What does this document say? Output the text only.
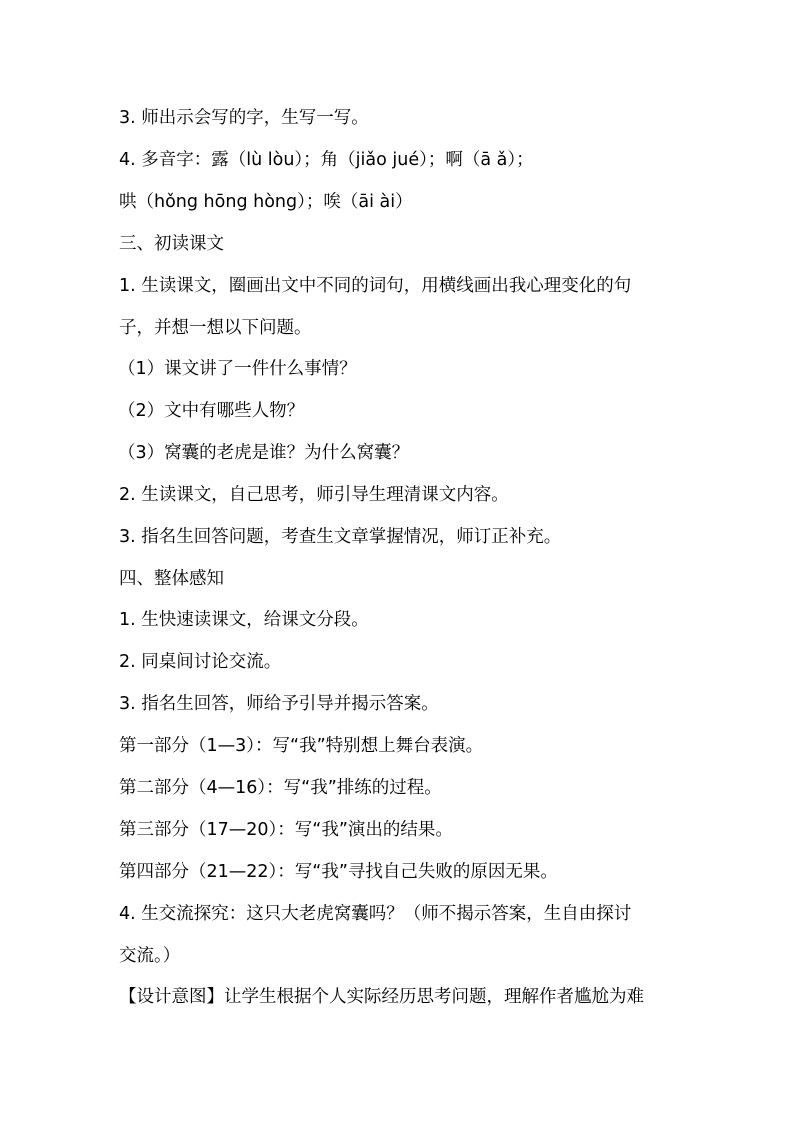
3. 师出示会写的字，生写一写。
4. 多音字：露（lù lòu）；角（jiǎo jué）；啊（ā ǎ）；
哄（hǒng hōng hòng）；唉（āi ài）
三、初读课文
1. 生读课文，圈画出文中不同的词句，用横线画出我心理变化的句
子，并想一想以下问题。
（1）课文讲了一件什么事情？
（2）文中有哪些人物？
（3）窝囊的老虎是谁？为什么窝囊？
2. 生读课文，自己思考，师引导生理清课文内容。
3. 指名生回答问题，考查生文章掌握情况，师订正补充。
四、整体感知
1. 生快速读课文，给课文分段。
2. 同桌间讨论交流。
3. 指名生回答，师给予引导并揭示答案。
第一部分（1—3）：写“我”特别想上舞台表演。
第二部分（4—16）：写“我”排练的过程。
第三部分（17—20）：写“我”演出的结果。
第四部分（21—22）：写“我”寻找自己失败的原因无果。
4. 生交流探究：这只大老虎窝囊吗？（师不揭示答案，生自由探讨
交流。）
【设计意图】让学生根据个人实际经历思考问题，理解作者尴尬为难
